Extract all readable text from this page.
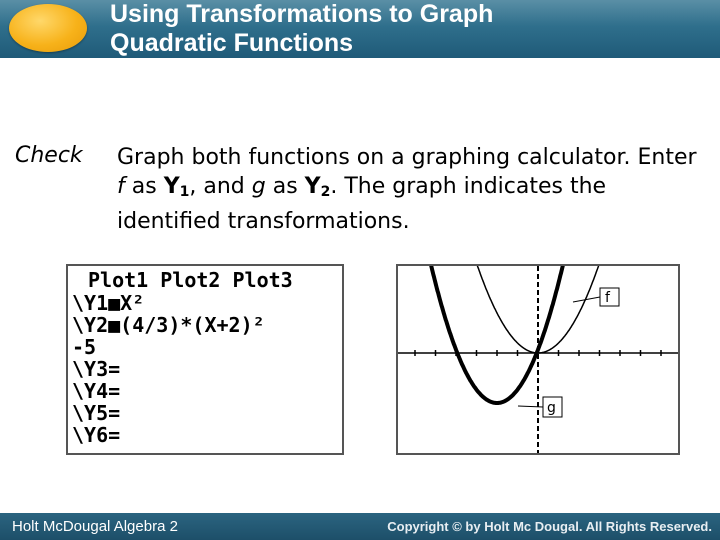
Using Transformations to Graph
Quadratic Functions
Check Graph both functions on a graphing calculator. Enter f as $Y_1$, and g as $Y_2$. The graph indicates the identified transformations.
Plot1 Plot2 Plot3
\Y1■X²
\Y2■(4/3)*(X+2)²
-5
\Y3=
\Y4=
\Y5=
\Y6=
f
g
Holt McDougal Algebra 2	Copyright © by Holt Mc Dougal. All Rights Reserved.
